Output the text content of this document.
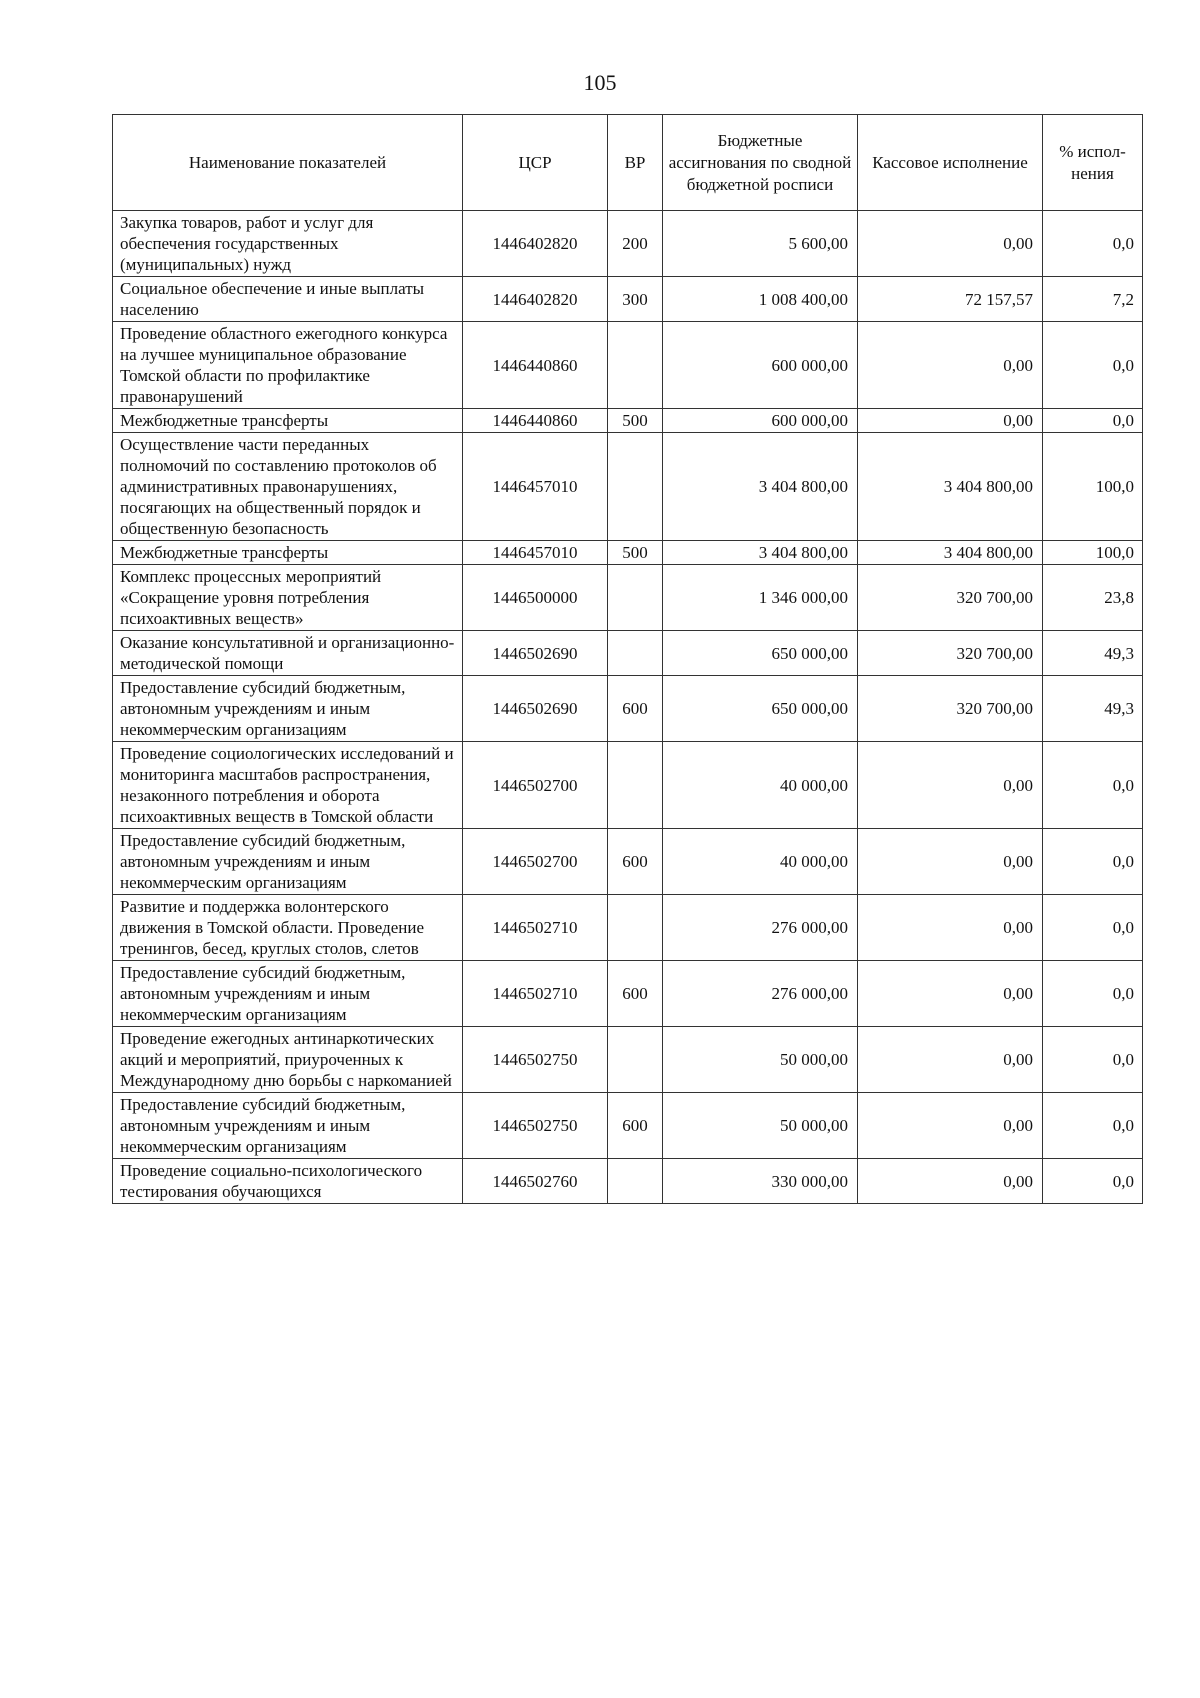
105
Наименование показателей	ЦСР	ВР	Бюджетные ассигнования по сводной бюджетной росписи	Кассовое исполнение	% испол-нения
Закупка товаров, работ и услуг для обеспечения государственных (муниципальных) нужд	1446402820	200	5 600,00	0,00	0,0
Социальное обеспечение и иные выплаты населению	1446402820	300	1 008 400,00	72 157,57	7,2
Проведение областного ежегодного конкурса на лучшее муниципальное образование Томской области по профилактике правонарушений	1446440860		600 000,00	0,00	0,0
Межбюджетные трансферты	1446440860	500	600 000,00	0,00	0,0
Осуществление части переданных полномочий по составлению протоколов об административных правонарушениях, посягающих на общественный порядок и общественную безопасность	1446457010		3 404 800,00	3 404 800,00	100,0
Межбюджетные трансферты	1446457010	500	3 404 800,00	3 404 800,00	100,0
Комплекс процессных мероприятий «Сокращение уровня потребления психоактивных веществ»	1446500000		1 346 000,00	320 700,00	23,8
Оказание консультативной и организационно-методической помощи	1446502690		650 000,00	320 700,00	49,3
Предоставление субсидий бюджетным, автономным учреждениям и иным некоммерческим организациям	1446502690	600	650 000,00	320 700,00	49,3
Проведение социологических исследований и мониторинга масштабов распространения, незаконного потребления и оборота психоактивных веществ в Томской области	1446502700		40 000,00	0,00	0,0
Предоставление субсидий бюджетным, автономным учреждениям и иным некоммерческим организациям	1446502700	600	40 000,00	0,00	0,0
Развитие и поддержка волонтерского движения в Томской области. Проведение тренингов, бесед, круглых столов, слетов	1446502710		276 000,00	0,00	0,0
Предоставление субсидий бюджетным, автономным учреждениям и иным некоммерческим организациям	1446502710	600	276 000,00	0,00	0,0
Проведение ежегодных антинаркотических акций и мероприятий, приуроченных к Международному дню борьбы с наркоманией	1446502750		50 000,00	0,00	0,0
Предоставление субсидий бюджетным, автономным учреждениям и иным некоммерческим организациям	1446502750	600	50 000,00	0,00	0,0
Проведение социально-психологического тестирования обучающихся	1446502760		330 000,00	0,00	0,0
